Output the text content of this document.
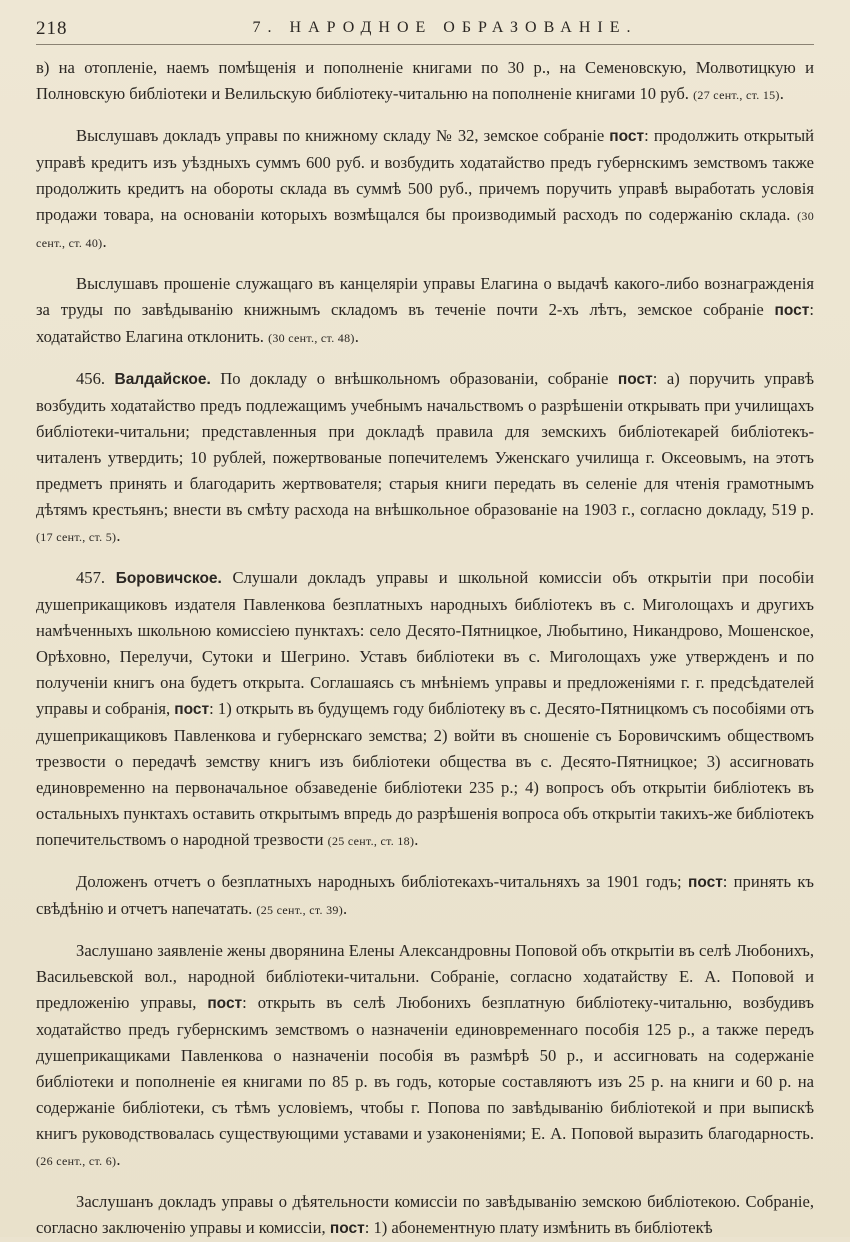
218	7. НАРОДНОЕ ОБРАЗОВАНІЕ.

в) на отопленіе, наемъ помѣщенія и пополненіе книгами по 30 р., на Семеновскую, Молвотицкую и Полновскую библіотеки и Велильскую библіотеку-читальню на пополненіе книгами 10 руб. (27 сент., ст. 15).

Выслушавъ докладъ управы по книжному складу № 32, земское собраніе пост: продолжить открытый управѣ кредитъ изъ уѣздныхъ суммъ 600 руб. и возбудить ходатайство предъ губернскимъ земствомъ также продолжить кредитъ на обороты склада въ суммѣ 500 руб., причемъ поручить управѣ выработать условія продажи товара, на основаніи которыхъ возмѣщался бы производимый расходъ по содержанію склада. (30 сент., ст. 40).

Выслушавъ прошеніе служащаго въ канцеляріи управы Елагина о выдачѣ какого-либо вознагражденія за труды по завѣдыванію книжнымъ складомъ въ теченіе почти 2-хъ лѣтъ, земское собраніе пост: ходатайство Елагина отклонить. (30 сент., ст. 48).

456. Валдайское. По докладу о внѣшкольномъ образованіи, собраніе пост: а) поручить управѣ возбудить ходатайство предъ подлежащимъ учебнымъ начальствомъ о разрѣшеніи открывать при училищахъ библіотеки-читальни; представленныя при докладѣ правила для земскихъ библіотекарей библіотекъ-читаленъ утвердить; 10 рублей, пожертвованые попечителемъ Уженскаго училища г. Оксеовымъ, на этотъ предметъ принять и благодарить жертвователя; старыя книги передать въ селеніе для чтенія грамотнымъ дѣтямъ крестьянъ; внести въ смѣту расхода на внѣшкольное образованіе на 1903 г., согласно докладу, 519 р. (17 сент., ст. 5).

457. Боровичское. Слушали докладъ управы и школьной комиссіи объ открытіи при пособіи душеприкащиковъ издателя Павленкова безплатныхъ народныхъ библіотекъ въ с. Миголощахъ и другихъ намѣченныхъ школьною комиссіею пунктахъ: село Десято-Пятницкое, Любытино, Никандрово, Мошенское, Орѣховно, Перелучи, Сутоки и Шегрино. Уставъ библіотеки въ с. Миголощахъ уже утвержденъ и по полученіи книгъ она будетъ открыта. Соглашаясь съ мнѣніемъ управы и предложеніями г. г. предсѣдателей управы и собранія, пост: 1) открыть въ будущемъ году библіотеку въ с. Десято-Пятницкомъ съ пособіями отъ душеприкащиковъ Павленкова и губернскаго земства; 2) войти въ сношеніе съ Боровичскимъ обществомъ трезвости о передачѣ земству книгъ изъ библіотеки общества въ с. Десято-Пятницкое; 3) ассигновать единовременно на первоначальное обзаведеніе библіотеки 235 р.; 4) вопросъ объ открытіи библіотекъ въ остальныхъ пунктахъ оставить открытымъ впредь до разрѣшенія вопроса объ открытіи такихъ-же библіотекъ попечительствомъ о народной трезвости (25 сент., ст. 18).

Доложенъ отчетъ о безплатныхъ народныхъ библіотекахъ-читальняхъ за 1901 годъ; пост: принять къ свѣдѣнію и отчетъ напечатать. (25 сент., ст. 39).

Заслушано заявленіе жены дворянина Елены Александровны Поповой объ открытіи въ селѣ Любонихъ, Васильевской вол., народной библіотеки-читальни. Собраніе, согласно ходатайству Е. А. Поповой и предложенію управы, пост: открыть въ селѣ Любонихъ безплатную библіотеку-читальню, возбудивъ ходатайство предъ губернскимъ земствомъ о назначеніи единовременнаго пособія 125 р., а также передъ душеприкащиками Павленкова о назначеніи пособія въ размѣрѣ 50 р., и ассигновать на содержаніе библіотеки и пополненіе ея книгами по 85 р. въ годъ, которые составляютъ изъ 25 р. на книги и 60 р. на содержаніе библіотеки, съ тѣмъ условіемъ, чтобы г. Попова по завѣдыванію библіотекой и при выпискѣ книгъ руководствовалась существующими уставами и узаконеніями; Е. А. Поповой выразить благодарность. (26 сент., ст. 6).

Заслушанъ докладъ управы о дѣятельности комиссіи по завѣдыванію земскою библіотекою. Собраніе, согласно заключенію управы и комиссіи, пост: 1) абонементную плату измѣнить въ библіотекѣ
